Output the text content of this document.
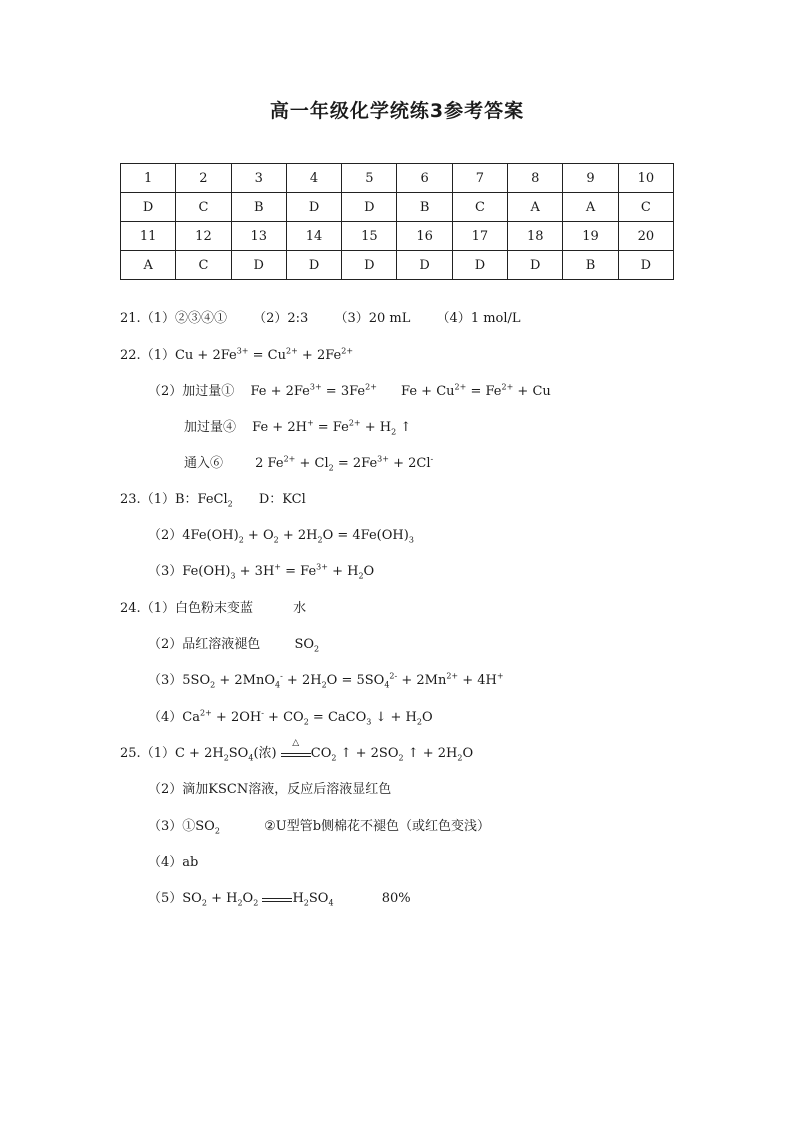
高一年级化学统练3参考答案
1	2	3	4	5	6	7	8	9	10
D	C	B	D	D	B	C	A	A	C
11	12	13	14	15	16	17	18	19	20
A	C	D	D	D	D	D	D	B	D
21.（1）②③④① （2）2:3 （3）20 mL （4）1 mol/L
$22.(1)Cu + 2Fe^{3+} = Cu^{2+} + 2Fe^{2+}$
（2）加过量① $Fe + 2Fe^{3+} = 3Fe^{2+}$ $Fe + Cu^{2+} = Fe^{2+} + Cu$
加过量④ $Fe + 2H^+ = Fe^{2+} + H_2$ ↑
通入⑥ 2 $Fe^{2+} + Cl_2 = 2Fe^{3+} + 2Cl^-$
23.（1）B：FeCl$_2$ D：KCl
$(2)4Fe(OH)_2 + O_2 + 2H_2O = 4Fe(OH)_3$
$(3)Fe(OH)_3 + 3H^+ = Fe^{3+} + H_2O$
24.（1）白色粉末变蓝	水
（2）品红溶液褪色	$SO_2$
$(3)5SO_2 + 2MnO_4^- + 2H_2O = 5SO_4^{2-} + 2Mn^{2+} + 4H^+$
$(4)Ca^{2+} + 2OH^- + CO_2$ = CaCO$_3$ ↓ + $H_2O$
$25.(1)C + 2H_2SO_4$(浓)
△
$CO_2$ ↑ + $2SO_2$ ↑ + $2H_2O$
（2）滴加KSCN溶液，反应后溶液显红色
$(3)①SO_2$	②U型管b侧棉花不褪色（或红色变浅）
（4）ab
$(5)SO_2 + H_2O_2$	$H_2SO_4$	80%
